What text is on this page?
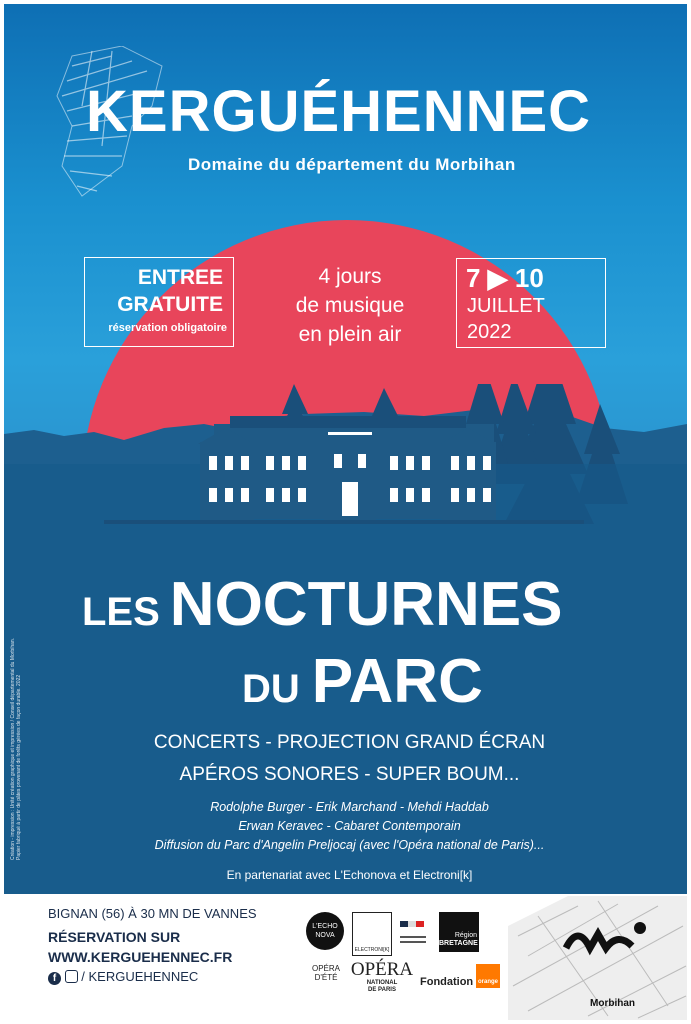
KERGUÉHENNEC
Domaine du département du Morbihan
ENTREE
GRATUITE
réservation obligatoire
4 jours
de musique
en plein air
7 ▶ 10
JUILLET
2022
LES NOCTURNES
DU PARC
CONCERTS - PROJECTION GRAND ÉCRAN
APÉROS SONORES - SUPER BOUM...
Rodolphe Burger - Erik Marchand - Mehdi Haddab
Erwan Keravec - Cabaret Contemporain
Diffusion du Parc d'Angelin Preljocaj (avec l'Opéra national de Paris)...
En partenariat avec L'Echonova et Electroni[k]
Création - impression : Unité création graphique et impression / Conseil départemental du Morbihan. Papier fabriqué à partir de pâtes provenant de forêts gérées de façon durable. 2022
BIGNAN (56) À 30 MN DE VANNES
RÉSERVATION SUR
WWW.KERGUEHENNEC.FR
f / KERGUEHENNEC
L'ECHO NOVA
ELECTRONI[K]
Région
BRETAGNE
OPÉRA D'ÉTÉ OPÉRA
NATIONAL
DE PARIS
Fondation orange
Morbihan
